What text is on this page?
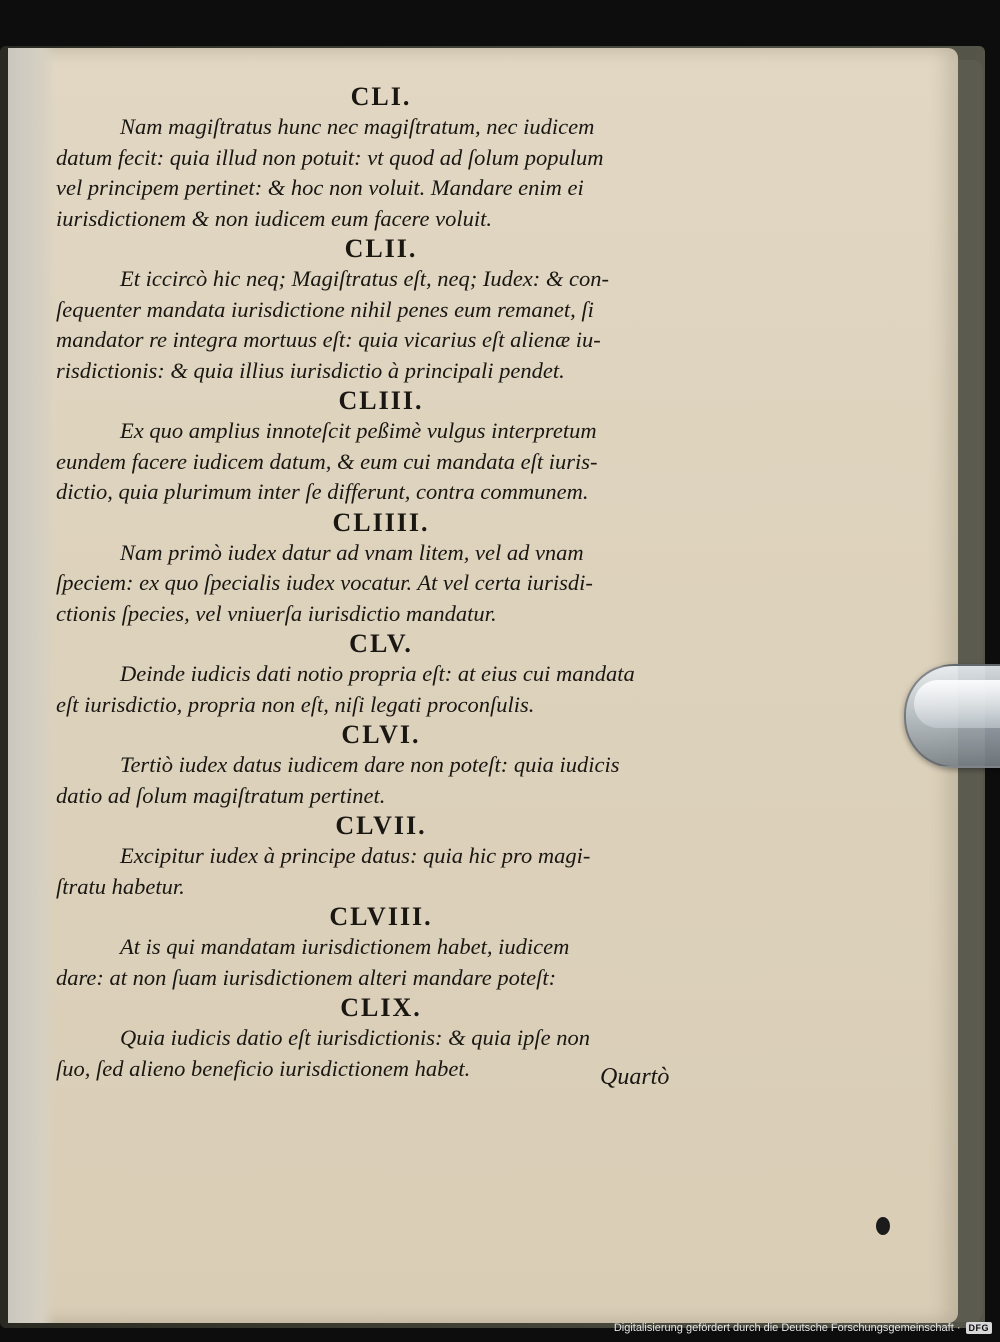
CLI.
Nam magiſtratus hunc nec magiſtratum, nec iudicem
datum fecit: quia illud non potuit: vt quod ad ſolum populum
vel principem pertinet: & hoc non voluit. Mandare enim ei
iurisdictionem & non iudicem eum facere voluit.
CLII.
Et iccircò hic neq; Magiſtratus eſt, neq; Iudex: & con-
ſequenter mandata iurisdictione nihil penes eum remanet, ſi
mandator re integra mortuus eſt: quia vicarius eſt alienæ iu-
risdictionis: & quia illius iurisdictio à principali pendet.
CLIII.
Ex quo amplius innoteſcit peßimè vulgus interpretum
eundem facere iudicem datum, & eum cui mandata eſt iuris-
dictio, quia plurimum inter ſe differunt, contra communem.
CLIIII.
Nam primò iudex datur ad vnam litem, vel ad vnam
ſpeciem: ex quo ſpecialis iudex vocatur. At vel certa iurisdi-
ctionis ſpecies, vel vniuerſa iurisdictio mandatur.
CLV.
Deinde iudicis dati notio propria eſt: at eius cui mandata
eſt iurisdictio, propria non eſt, niſi legati proconſulis.
CLVI.
Tertiò iudex datus iudicem dare non poteſt: quia iudicis
datio ad ſolum magiſtratum pertinet.
CLVII.
Excipitur iudex à principe datus: quia hic pro magi-
ſtratu habetur.
CLVIII.
At is qui mandatam iurisdictionem habet, iudicem
dare: at non ſuam iurisdictionem alteri mandare poteſt:
CLIX.
Quia iudicis datio eſt iurisdictionis: & quia ipſe non
ſuo, ſed alieno beneficio iurisdictionem habet.	Quartò
Digitalisierung gefördert durch die Deutsche Forschungsgemeinschaft · DFG
